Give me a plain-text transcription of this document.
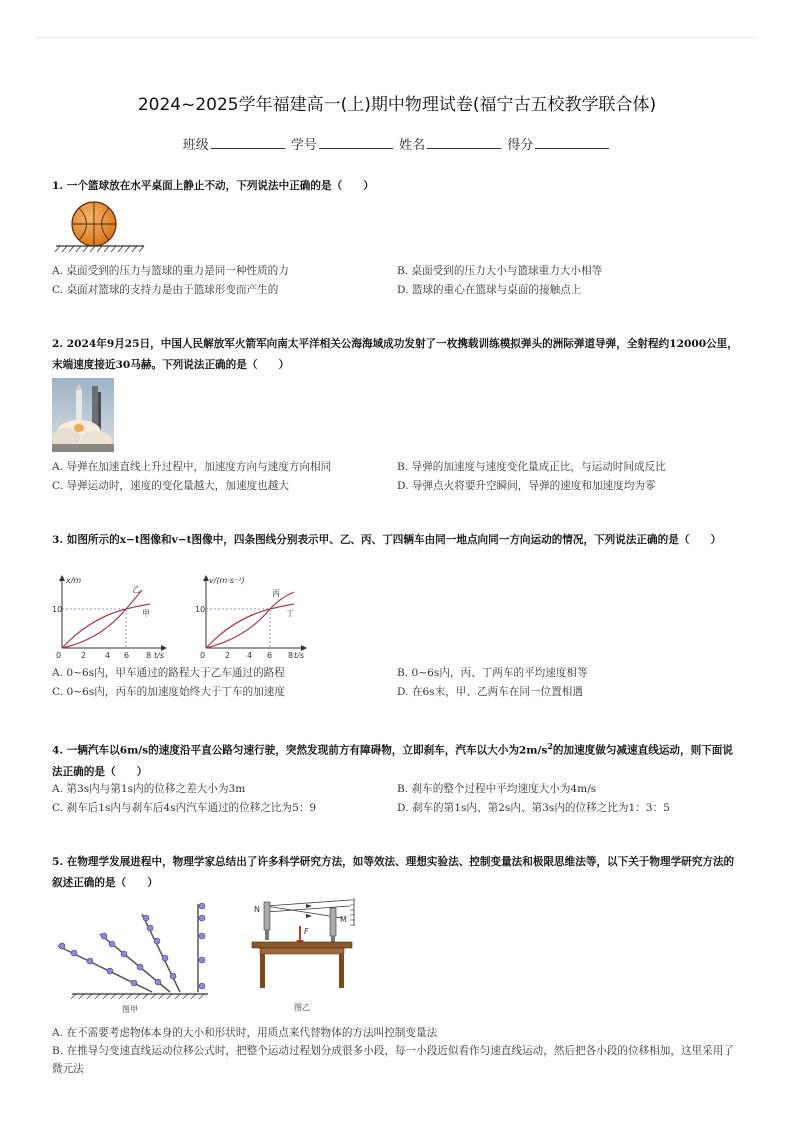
2024~2025学年福建高一(上)期中物理试卷(福宁古五校教学联合体)
班级	学号	姓名	得分
1. 一个篮球放在水平桌面上静止不动，下列说法中正确的是（　　）
A. 桌面受到的压力与篮球的重力是同一种性质的力	B. 桌面受到的压力大小与篮球重力大小相等
C. 桌面对篮球的支持力是由于篮球形变而产生的	D. 篮球的重心在篮球与桌面的接触点上
2. 2024年9月25日，中国人民解放军火箭军向南太平洋相关公海海域成功发射了一枚携载训练模拟弹头的洲际弹道导弹，全射程约12000公里，末端速度接近30马赫。下列说法正确的是（　　）
A. 导弹在加速直线上升过程中，加速度方向与速度方向相同	B. 导弹的加速度与速度变化量成正比，与运动时间成反比
C. 导弹运动时，速度的变化量越大，加速度也越大	D. 导弹点火将要升空瞬间，导弹的速度和加速度均为零
3. 如图所示的x−t图像和v−t图像中，四条图线分别表示甲、乙、丙、丁四辆车由同一地点向同一方向运动的情况，下列说法正确的是（　　）
x/m
t/s
10
0 2 4 6 8
乙
甲
v/(m·s⁻¹)
t/s
10
0 2 4 6 8
丙
丁
A. 0~6s内，甲车通过的路程大于乙车通过的路程	B. 0~6s内，丙、丁两车的平均速度相等
C. 0~6s内，丙车的加速度始终大于丁车的加速度	D. 在6s末，甲、乙两车在同一位置相遇
4. 一辆汽车以6m/s的速度沿平直公路匀速行驶，突然发现前方有障碍物，立即刹车，汽车以大小为$2m/s^2$的加速度做匀减速直线运动，则下面说法正确的是（　　）
A. 第3s内与第1s内的位移之差大小为3m	B. 刹车的整个过程中平均速度大小为4m/s
C. 刹车后1s内与刹车后4s内汽车通过的位移之比为5：9	D. 刹车的第1s内、第2s内、第3s内的位移之比为1：3：5
5. 在物理学发展进程中，物理学家总结出了许多科学研究方法，如等效法、理想实验法、控制变量法和极限思维法等，以下关于物理学研究方法的叙述正确的是（　　）
图甲
N
M
F
图乙
A. 在不需要考虑物体本身的大小和形状时，用质点来代替物体的方法叫控制变量法
B. 在推导匀变速直线运动位移公式时，把整个运动过程划分成很多小段，每一小段近似看作匀速直线运动，然后把各小段的位移相加，这里采用了微元法
